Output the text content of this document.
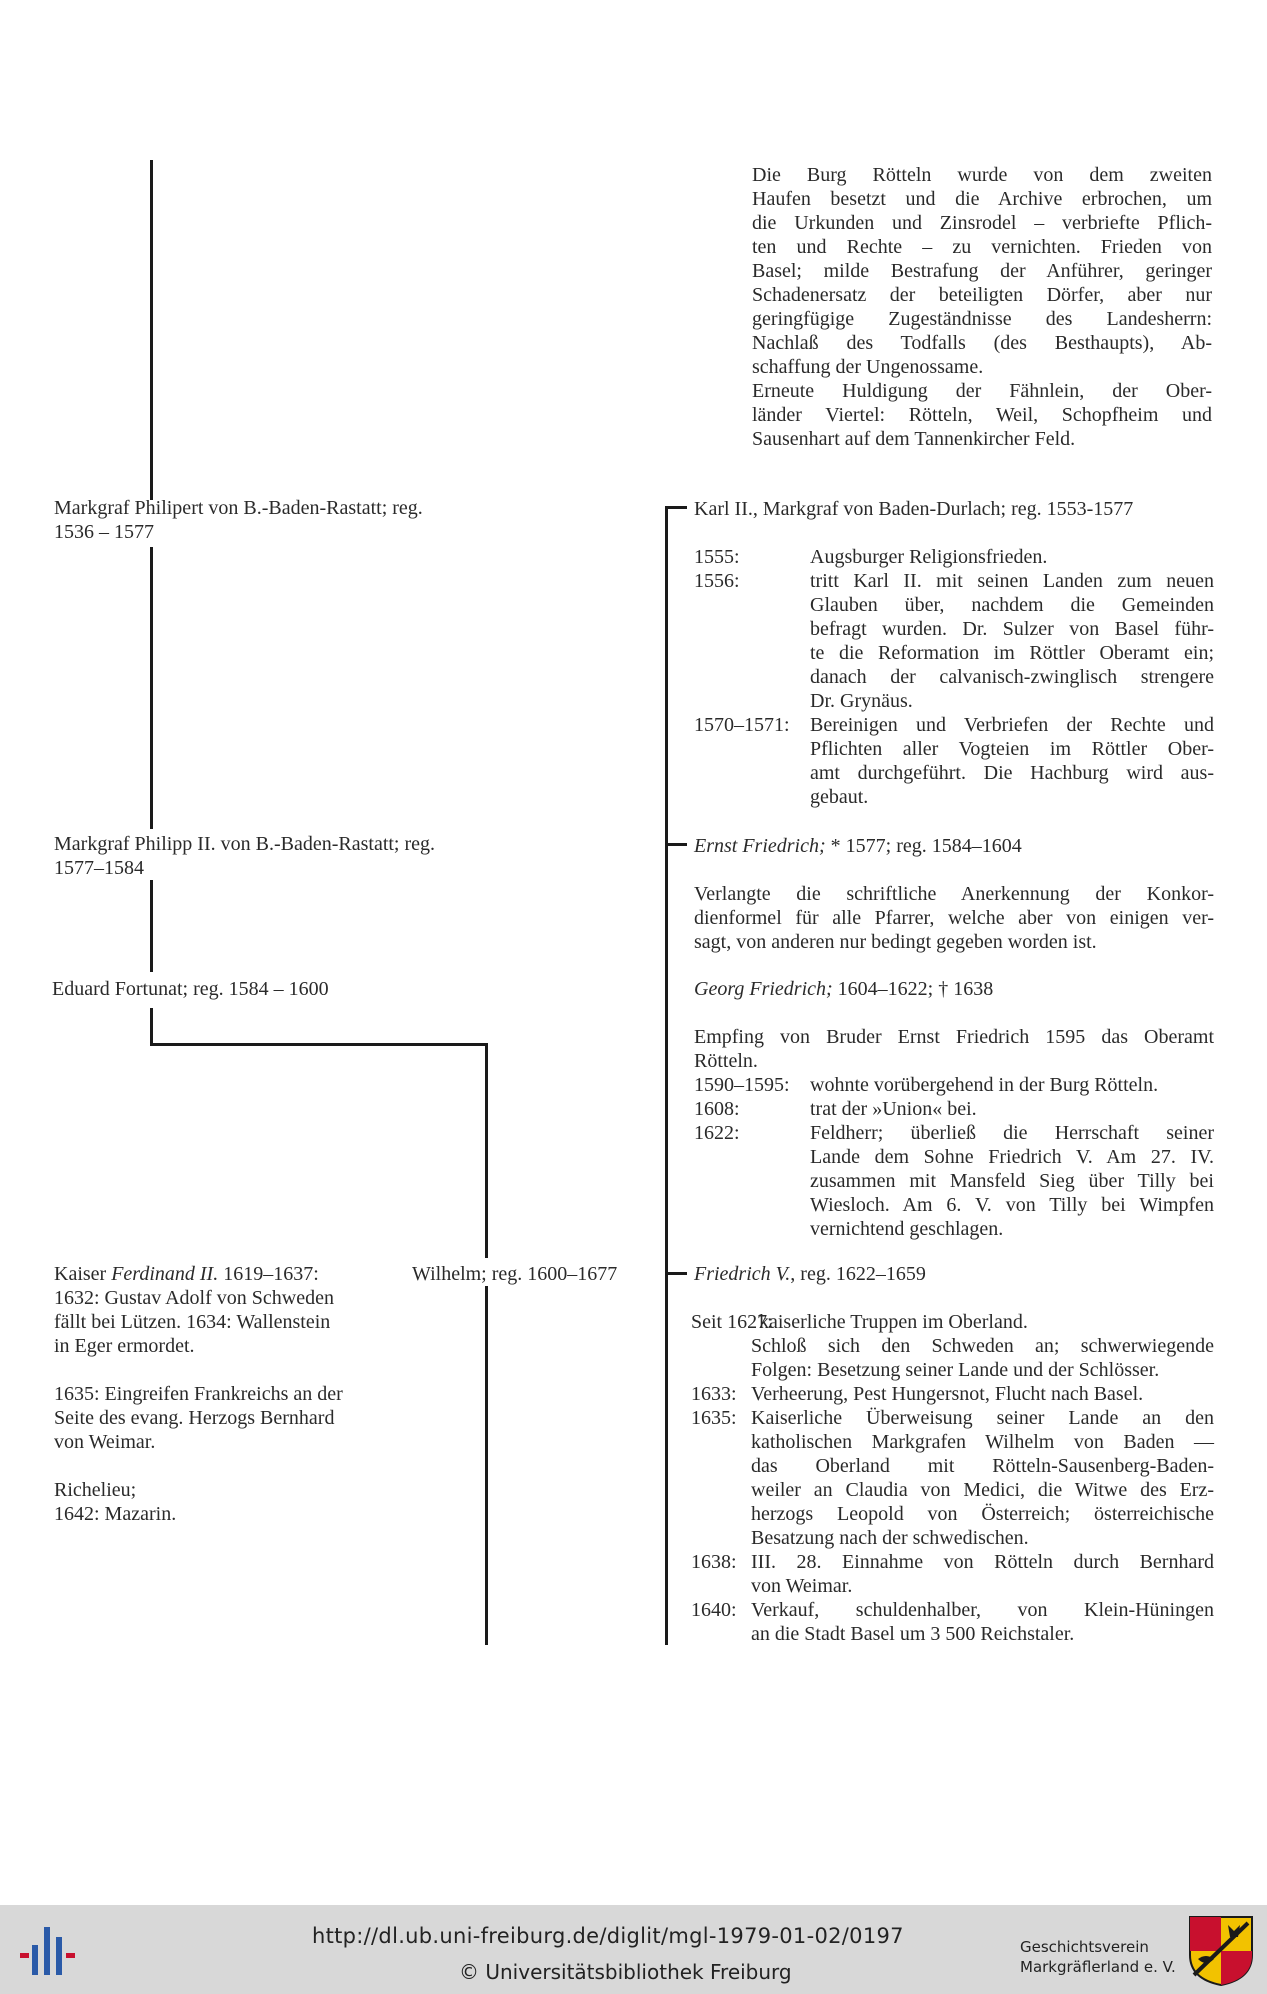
Die Burg Rötteln wurde von dem zweiten
Haufen besetzt und die Archive erbrochen, um
die Urkunden und Zinsrodel – verbriefte Pflich-
ten und Rechte – zu vernichten. Frieden von
Basel; milde Bestrafung der Anführer, geringer
Schadenersatz der beteiligten Dörfer, aber nur
geringfügige Zugeständnisse des Landesherrn:
Nachlaß des Todfalls (des Besthaupts), Ab-
schaffung der Ungenossame.
Erneute Huldigung der Fähnlein, der Ober-
länder Viertel: Rötteln, Weil, Schopfheim und
Sausenhart auf dem Tannenkircher Feld.
Markgraf Philipert von B.-Baden-Rastatt; reg.
1536 – 1577
Markgraf Philipp II. von B.-Baden-Rastatt; reg.
1577–1584
Eduard Fortunat; reg. 1584 – 1600
Kaiser Ferdinand II. 1619–1637:
1632: Gustav Adolf von Schweden
fällt bei Lützen. 1634: Wallenstein
in Eger ermordet.
1635: Eingreifen Frankreichs an der
Seite des evang. Herzogs Bernhard
von Weimar.
Richelieu;
1642: Mazarin.
Wilhelm; reg. 1600–1677
Karl II., Markgraf von Baden-Durlach; reg. 1553-1577
1555:	Augsburger Religionsfrieden.
1556:	tritt Karl II. mit seinen Landen zum neuen
Glauben über, nachdem die Gemeinden
befragt wurden. Dr. Sulzer von Basel führ-
te die Reformation im Röttler Oberamt ein;
danach der calvanisch-zwinglisch strengere
Dr. Grynäus.
1570–1571:	Bereinigen und Verbriefen der Rechte und
Pflichten aller Vogteien im Röttler Ober-
amt durchgeführt. Die Hachburg wird aus-
gebaut.
Ernst Friedrich; * 1577; reg. 1584–1604
Verlangte die schriftliche Anerkennung der Konkor-
dienformel für alle Pfarrer, welche aber von einigen ver-
sagt, von anderen nur bedingt gegeben worden ist.
Georg Friedrich; 1604–1622; † 1638
Empfing von Bruder Ernst Friedrich 1595 das Oberamt
Rötteln.
1590–1595:	wohnte vorübergehend in der Burg Rötteln.
1608:	trat der »Union« bei.
1622:	Feldherr; überließ die Herrschaft seiner
Lande dem Sohne Friedrich V. Am 27. IV.
zusammen mit Mansfeld Sieg über Tilly bei
Wiesloch. Am 6. V. von Tilly bei Wimpfen
vernichtend geschlagen.
Friedrich V., reg. 1622–1659
Seit 1627:
kaiserliche Truppen im Oberland.
Schloß sich den Schweden an; schwerwiegende
Folgen: Besetzung seiner Lande und der Schlösser.
1633: Verheerung, Pest Hungersnot, Flucht nach Basel.
1635: Kaiserliche Überweisung seiner Lande an den
katholischen Markgrafen Wilhelm von Baden —
das Oberland mit Rötteln-Sausenberg-Baden-
weiler an Claudia von Medici, die Witwe des Erz-
herzogs Leopold von Österreich; österreichische
Besatzung nach der schwedischen.
1638: III. 28. Einnahme von Rötteln durch Bernhard
von Weimar.
1640: Verkauf, schuldenhalber, von Klein-Hüningen
an die Stadt Basel um 3 500 Reichstaler.
http://dl.ub.uni-freiburg.de/diglit/mgl-1979-01-02/0197
© Universitätsbibliothek Freiburg
Geschichtsverein
Markgräflerland e. V.
